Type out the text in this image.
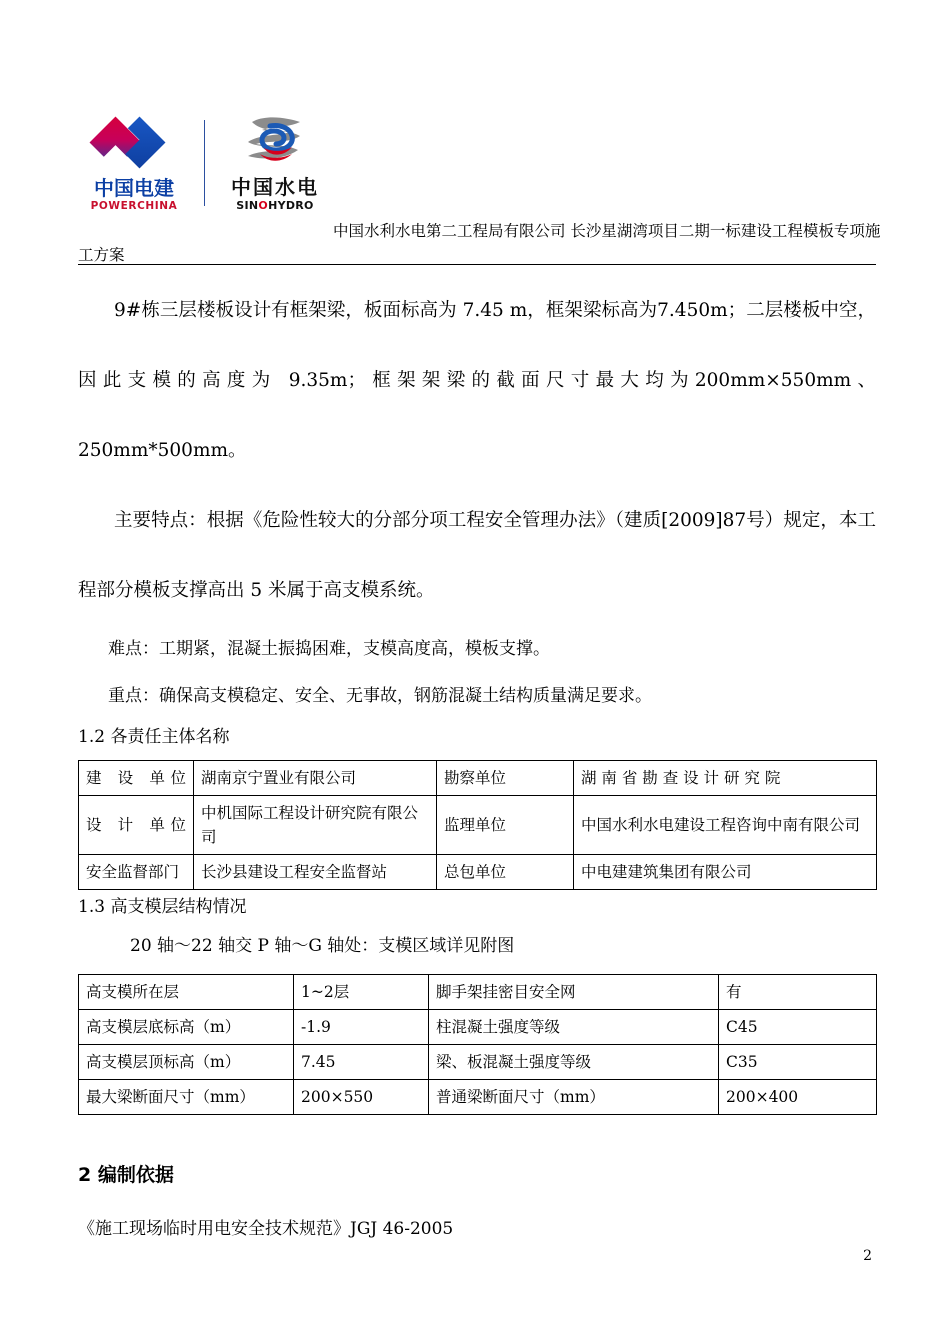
中国电建
POWERCHINA
中国水电
SINOHYDRO
中国水利水电第二工程局有限公司 长沙星湖湾项目二期一标建设工程模板专项施
工方案

9#栋三层楼板设计有框架梁，板面标高为 7.45 m，框架梁标高为7.450m；二层楼板中空，因此支模的高度为 9.35m；框架架梁的截面尺寸最大均为200mm×550mm、250mm*500mm。

主要特点：根据《危险性较大的分部分项工程安全管理办法》（建质[2009]87号）规定，本工程部分模板支撑高出 5 米属于高支模系统。

难点：工期紧，混凝土振捣困难，支模高度高，模板支撑。

重点：确保高支模稳定、安全、无事故，钢筋混凝土结构质量满足要求。

1.2 各责任主体名称

建 设 单位	湖南京宁置业有限公司	勘察单位	湖 南 省 勘 查 设 计 研 究 院
设 计 单位	中机国际工程设计研究院有限公司	监理单位	中国水利水电建设工程咨询中南有限公司
安全监督部门	长沙县建设工程安全监督站	总包单位	中电建建筑集团有限公司

1.3 高支模层结构情况

20 轴～22 轴交 P 轴～G 轴处：支模区域详见附图

高支模所在层	1~2层	脚手架挂密目安全网	有
高支模层底标高（m）	-1.9	柱混凝土强度等级	C45
高支模层顶标高（m）	7.45	梁、板混凝土强度等级	C35
最大梁断面尺寸（mm）	200×550	普通梁断面尺寸（mm）	200×400

2 编制依据

《施工现场临时用电安全技术规范》JGJ 46-2005

2
